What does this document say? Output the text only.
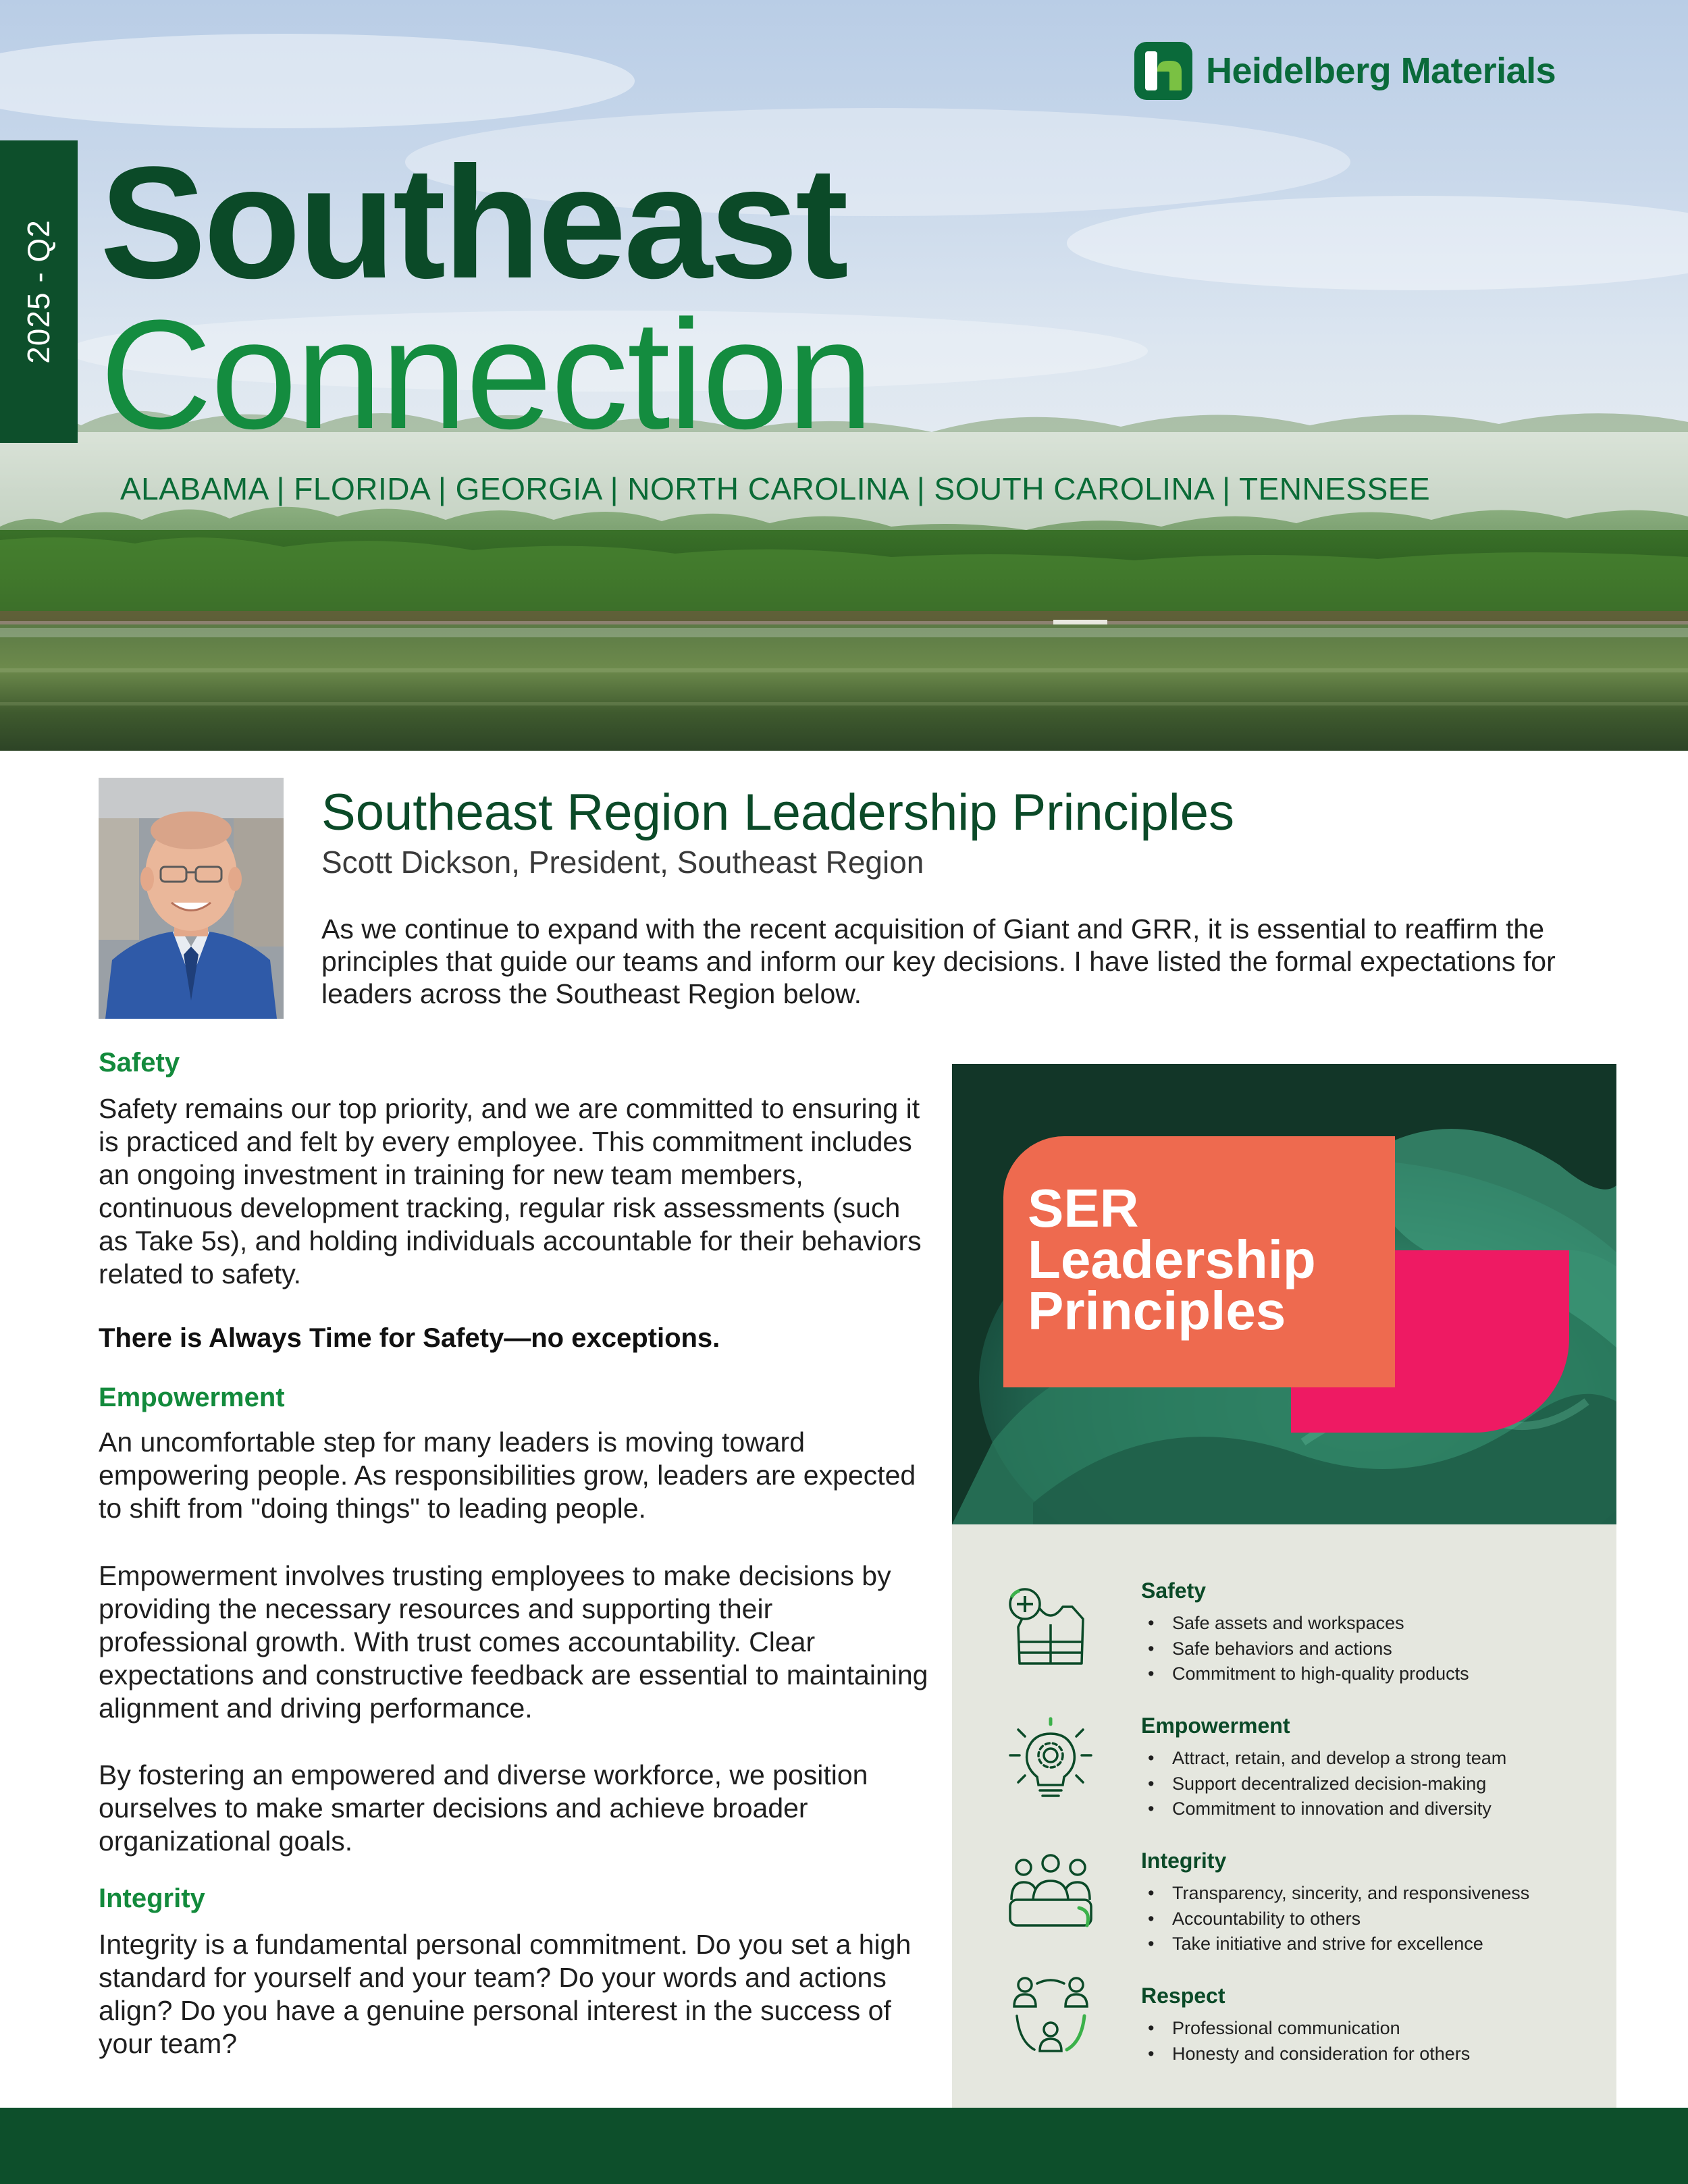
Heidelberg Materials
2025 - Q2 Southeast
Connection
ALABAMA | FLORIDA | GEORGIA | NORTH CAROLINA | SOUTH CAROLINA | TENNESSEE
Southeast Region Leadership Principles
Scott Dickson, President, Southeast Region
As we continue to expand with the recent acquisition of Giant and GRR, it is essential to reaffirm the principles that guide our teams and inform our key decisions. I have listed the formal expectations for leaders across the Southeast Region below.
Safety
Safety remains our top priority, and we are committed to ensuring it is practiced and felt by every employee. This commitment includes an ongoing investment in training for new team members, continuous development tracking, regular risk assessments (such as Take 5s), and holding individuals accountable for their behaviors related to safety.
There is Always Time for Safety—no exceptions.
Empowerment
An uncomfortable step for many leaders is moving toward empowering people. As responsibilities grow, leaders are expected to shift from "doing things" to leading people.
Empowerment involves trusting employees to make decisions by providing the necessary resources and supporting their professional growth. With trust comes accountability. Clear expectations and constructive feedback are essential to maintaining alignment and driving performance.
By fostering an empowered and diverse workforce, we position ourselves to make smarter decisions and achieve broader organizational goals.
Integrity
Integrity is a fundamental personal commitment. Do you set a high standard for yourself and your team? Do your words and actions align? Do you have a genuine personal interest in the success of your team?
SER
Leadership
Principles
Safety
• Safe assets and workspaces
• Safe behaviors and actions
• Commitment to high-quality products
Empowerment
• Attract, retain, and develop a strong team
• Support decentralized decision-making
• Commitment to innovation and diversity
Integrity
• Transparency, sincerity, and responsiveness
• Accountability to others
• Take initiative and strive for excellence
Respect
• Professional communication
• Honesty and consideration for others
